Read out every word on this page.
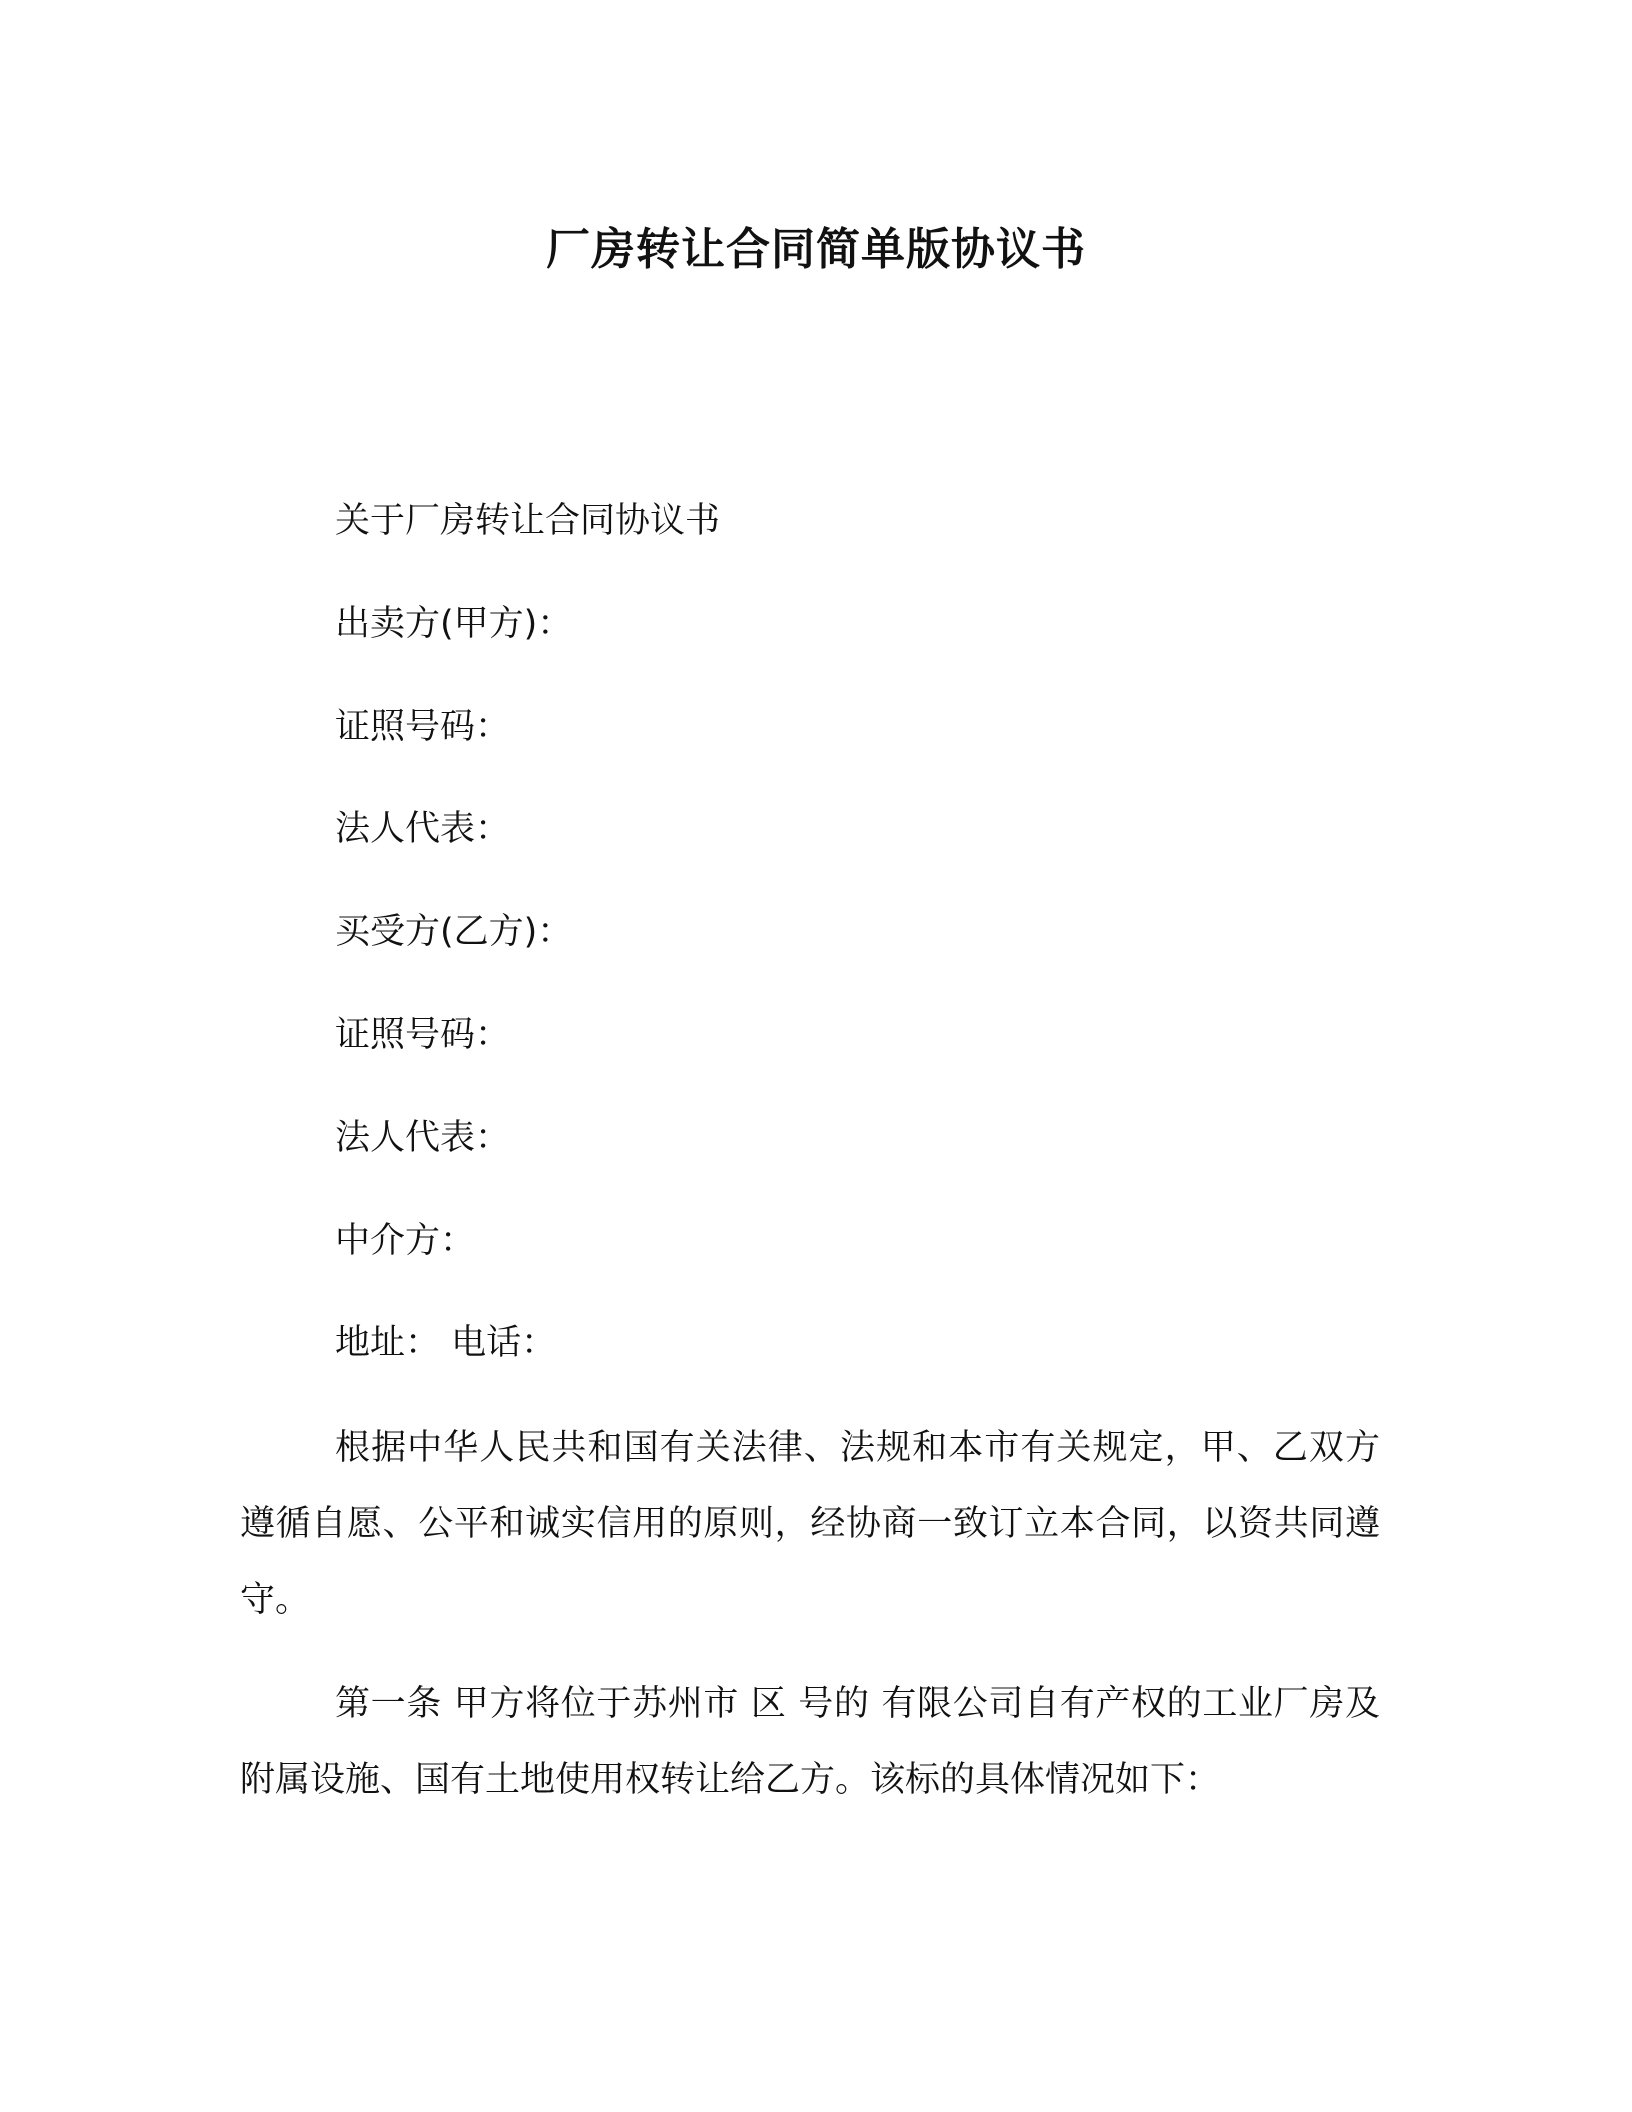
厂房转让合同简单版协议书
关于厂房转让合同协议书
出卖方(甲方)：
证照号码：
法人代表：
买受方(乙方)：
证照号码：
法人代表：
中介方：
地址： 电话：
根据中华人民共和国有关法律、法规和本市有关规定，甲、乙双方遵循自愿、公平和诚实信用的原则，经协商一致订立本合同，以资共同遵守。
第一条 甲方将位于苏州市 区 号的 有限公司自有产权的工业厂房及附属设施、国有土地使用权转让给乙方。该标的具体情况如下：
